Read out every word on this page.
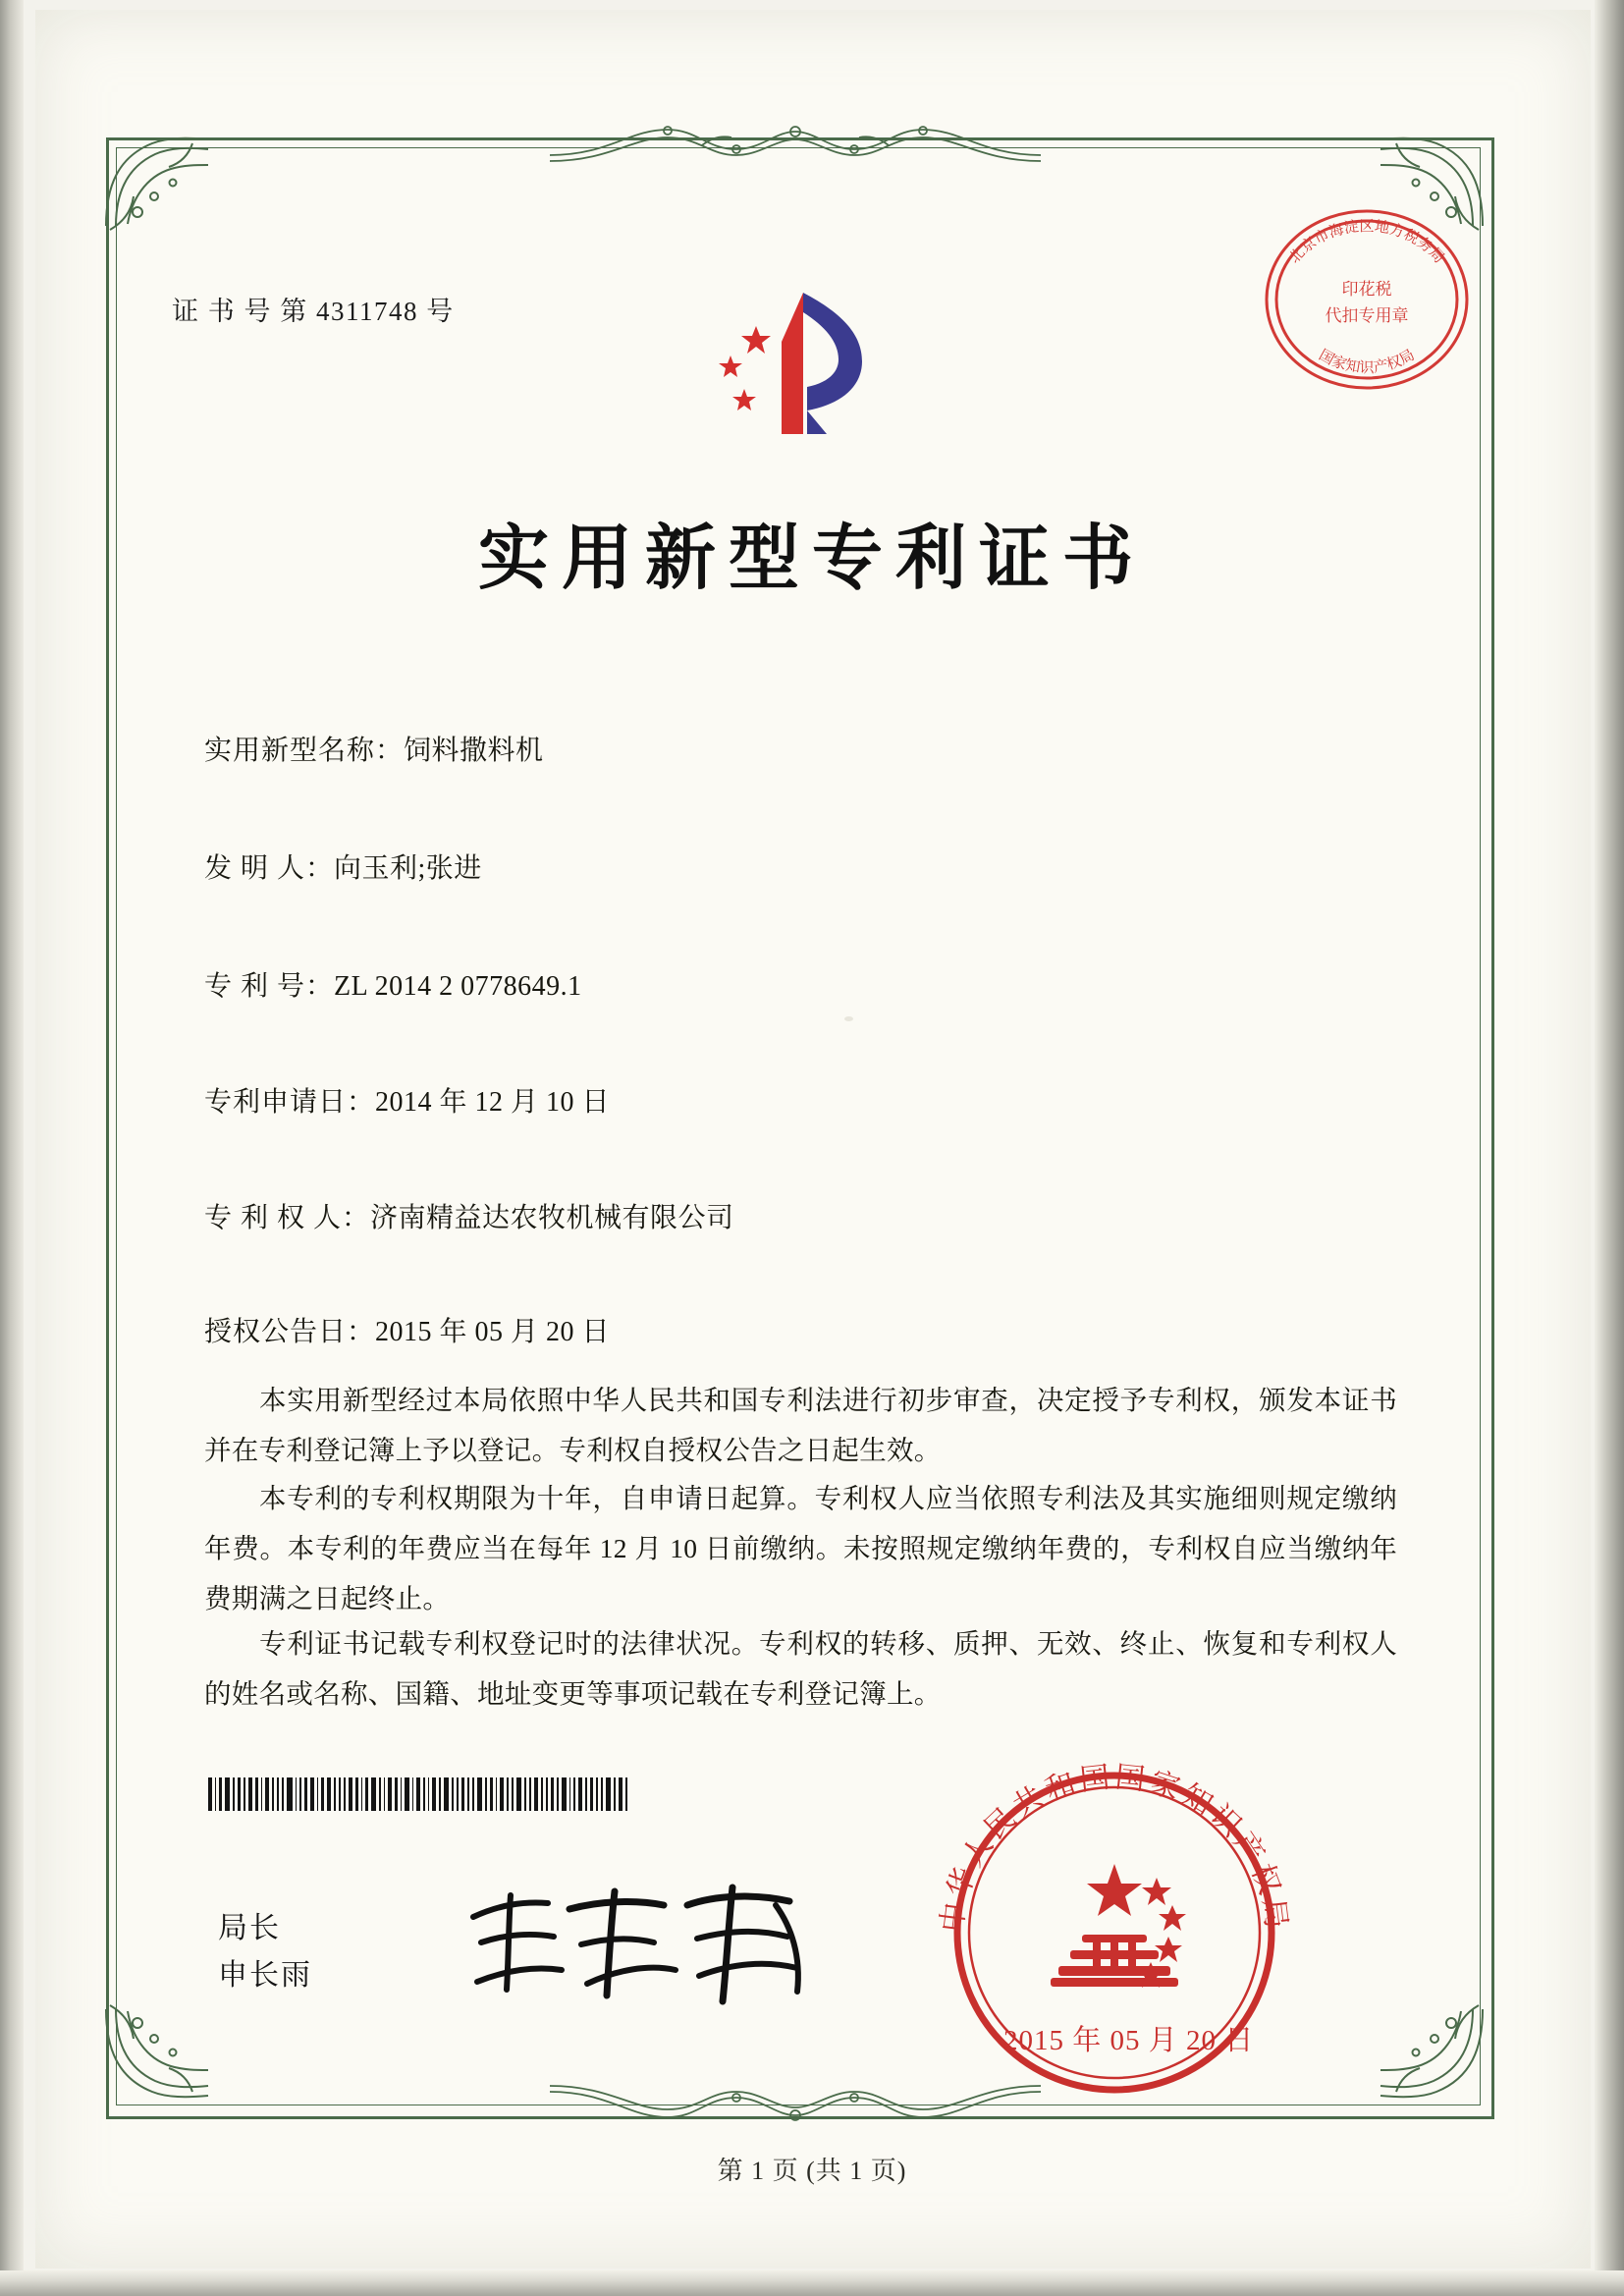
证 书 号 第 4311748 号
北京市海淀区地方税务局
国家知识产权局
印花税
代扣专用章
实用新型专利证书
实用新型名称：饲料撒料机
发 明 人：向玉利;张进
专 利 号：ZL 2014 2 0778649.1
专利申请日：2014 年 12 月 10 日
专 利 权 人：济南精益达农牧机械有限公司
授权公告日：2015 年 05 月 20 日
本实用新型经过本局依照中华人民共和国专利法进行初步审查，决定授予专利权，颁发本证书并在专利登记簿上予以登记。专利权自授权公告之日起生效。
本专利的专利权期限为十年，自申请日起算。专利权人应当依照专利法及其实施细则规定缴纳年费。本专利的年费应当在每年 12 月 10 日前缴纳。未按照规定缴纳年费的，专利权自应当缴纳年费期满之日起终止。
专利证书记载专利权登记时的法律状况。专利权的转移、质押、无效、终止、恢复和专利权人的姓名或名称、国籍、地址变更等事项记载在专利登记簿上。
局长
申长雨
中华人民共和国国家知识产权局
2015 年 05 月 20 日
第 1 页 (共 1 页)
